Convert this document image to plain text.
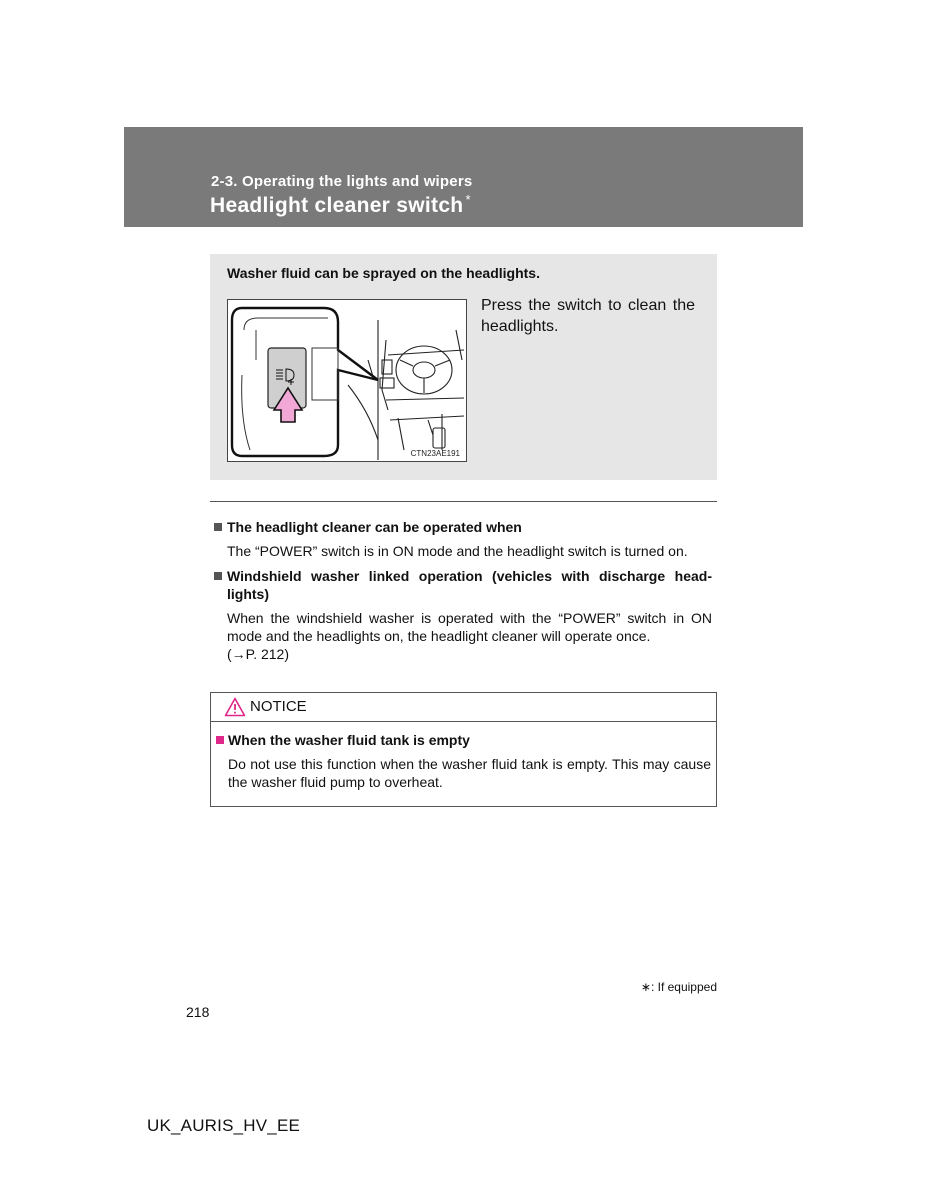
2-3. Operating the lights and wipers
Headlight cleaner switch *
Washer fluid can be sprayed on the headlights.
CTN23AE191
Press the switch to clean the headlights.
The headlight cleaner can be operated when
The “POWER” switch is in ON mode and the headlight switch is turned on.
Windshield washer linked operation (vehicles with discharge head-lights)
When the windshield washer is operated with the “POWER” switch in ON mode and the headlights on, the headlight cleaner will operate once.
(→P. 212)
NOTICE
When the washer fluid tank is empty
Do not use this function when the washer fluid tank is empty. This may cause the washer fluid pump to overheat.
∗: If equipped
218
UK_AURIS_HV_EE
